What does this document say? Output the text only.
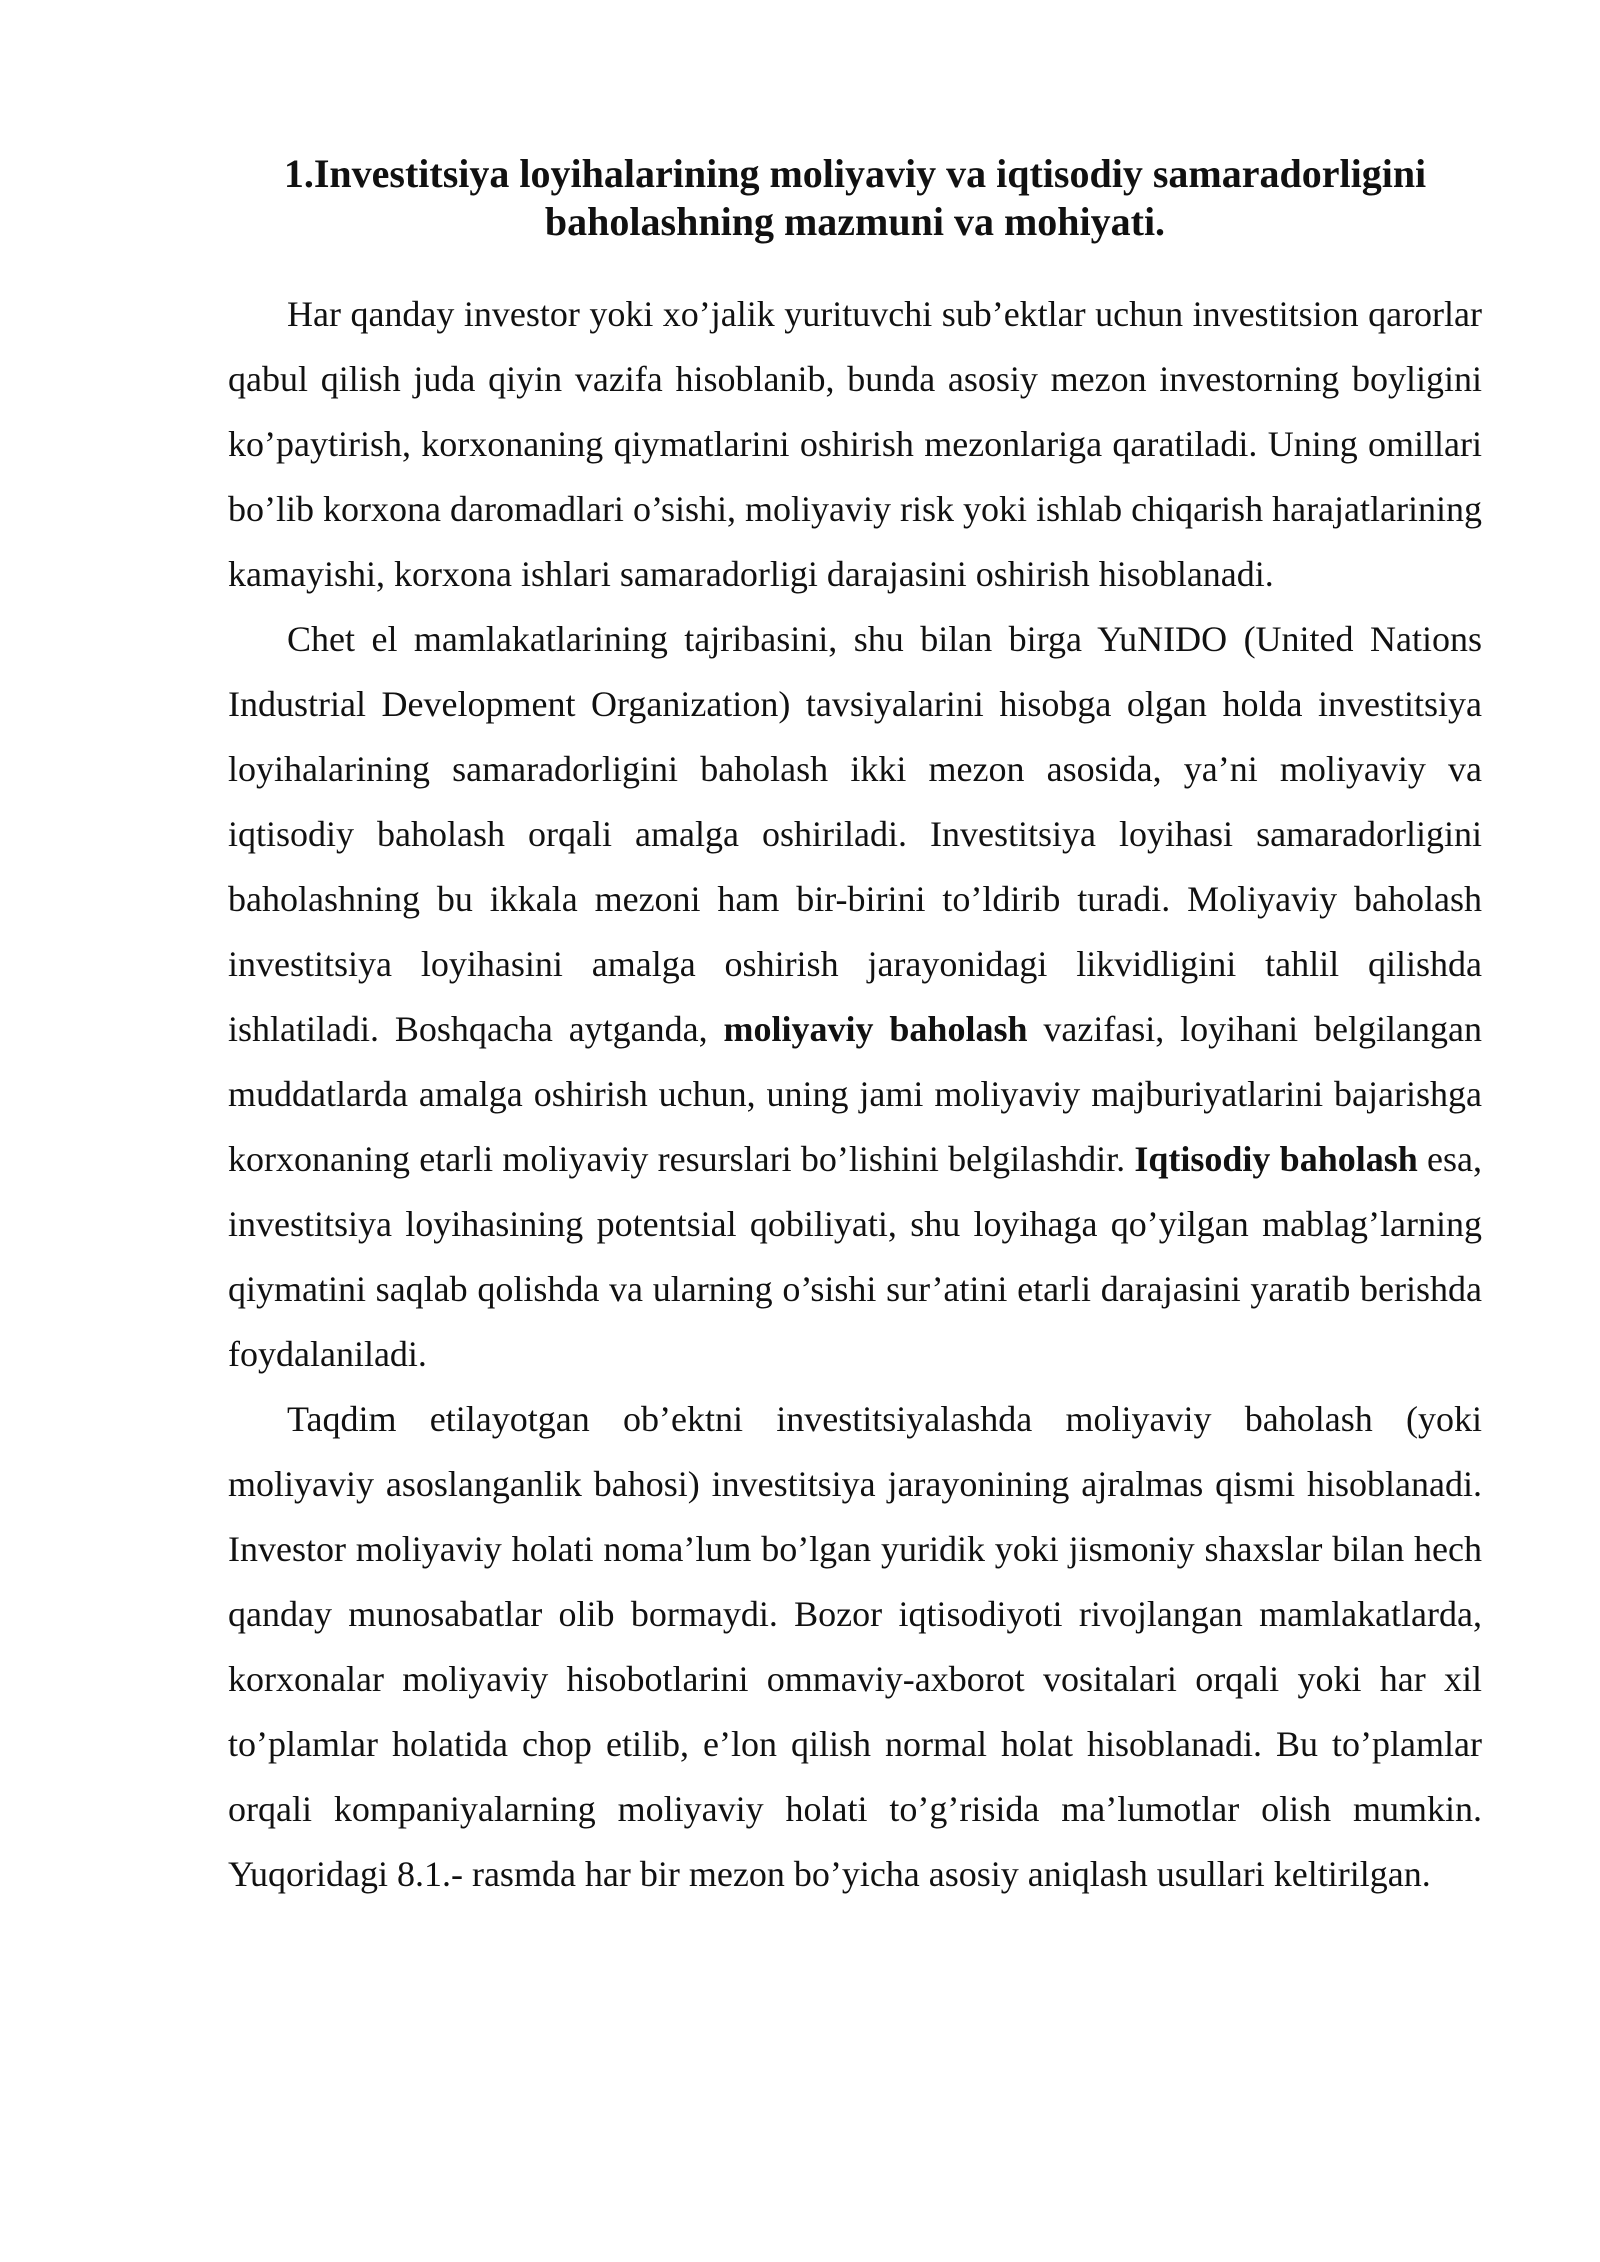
1.Investitsiya loyihalarining moliyaviy va iqtisodiy samaradorligini
baholashning mazmuni va mohiyati.

Har qanday investor yoki xo’jalik yurituvchi sub’ektlar uchun investitsion qarorlar qabul qilish juda qiyin vazifa hisoblanib, bunda asosiy mezon investorning boyligini ko’paytirish, korxonaning qiymatlarini oshirish mezonlariga qaratiladi. Uning omillari bo’lib korxona daromadlari o’sishi, moliyaviy risk yoki ishlab chiqarish harajatlarining kamayishi, korxona ishlari samaradorligi darajasini oshirish hisoblanadi.

Chet el mamlakatlarining tajribasini, shu bilan birga YuNIDO (United Nations Industrial Development Organization) tavsiyalarini hisobga olgan holda investitsiya loyihalarining samaradorligini baholash ikki mezon asosida, ya’ni moliyaviy va iqtisodiy baholash orqali amalga oshiriladi. Investitsiya loyihasi samaradorligini baholashning bu ikkala mezoni ham bir-birini to’ldirib turadi. Moliyaviy baholash investitsiya loyihasini amalga oshirish jarayonidagi likvidligini tahlil qilishda ishlatiladi. Boshqacha aytganda, moliyaviy baholash vazifasi, loyihani belgilangan muddatlarda amalga oshirish uchun, uning jami moliyaviy majburiyatlarini bajarishga korxonaning etarli moliyaviy resurslari bo’lishini belgilashdir. Iqtisodiy baholash esa, investitsiya loyihasining potentsial qobiliyati, shu loyihaga qo’yilgan mablag’larning qiymatini saqlab qolishda va ularning o’sishi sur’atini etarli darajasini yaratib berishda foydalaniladi.

Taqdim etilayotgan ob’ektni investitsiyalashda moliyaviy baholash (yoki moliyaviy asoslanganlik bahosi) investitsiya jarayonining ajralmas qismi hisoblanadi. Investor moliyaviy holati noma’lum bo’lgan yuridik yoki jismoniy shaxslar bilan hech qanday munosabatlar olib bormaydi. Bozor iqtisodiyoti rivojlangan mamlakatlarda, korxonalar moliyaviy hisobotlarini ommaviy-axborot vositalari orqali yoki har xil to’plamlar holatida chop etilib, e’lon qilish normal holat hisoblanadi. Bu to’plamlar orqali kompaniyalarning moliyaviy holati to’g’risida ma’lumotlar olish mumkin. Yuqoridagi 8.1.- rasmda har bir mezon bo’yicha asosiy aniqlash usullari keltirilgan.
